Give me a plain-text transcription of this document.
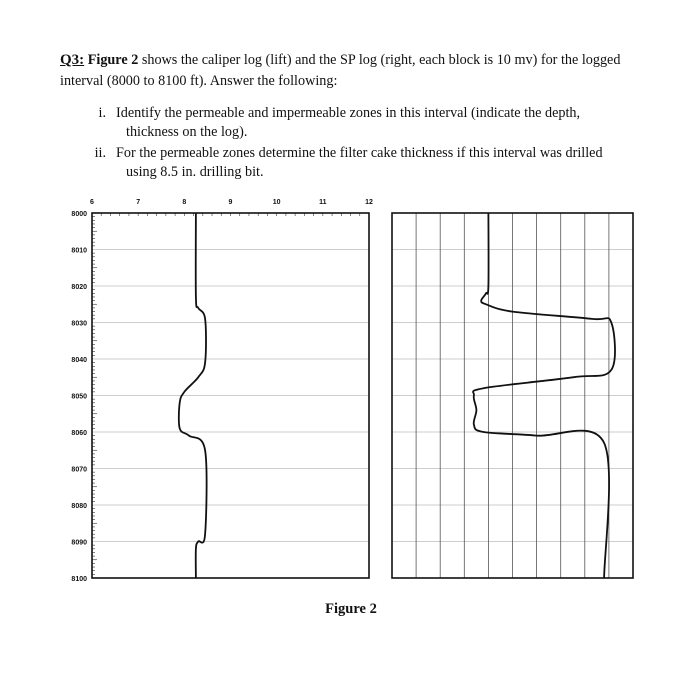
Q3: Figure 2 shows the caliper log (lift) and the SP log (right, each block is 10 mv) for the logged interval (8000 to 8100 ft). Answer the following:
i. Identify the permeable and impermeable zones in this interval (indicate the depth,
thickness on the log).
ii. For the permeable zones determine the filter cake thickness if this interval was drilled
using 8.5 in. drilling bit.
8000
8010
8020
8030
8040
8050
8060
8070
8080
8090
8100
6	7	8	9	10	11	12
Figure 2
